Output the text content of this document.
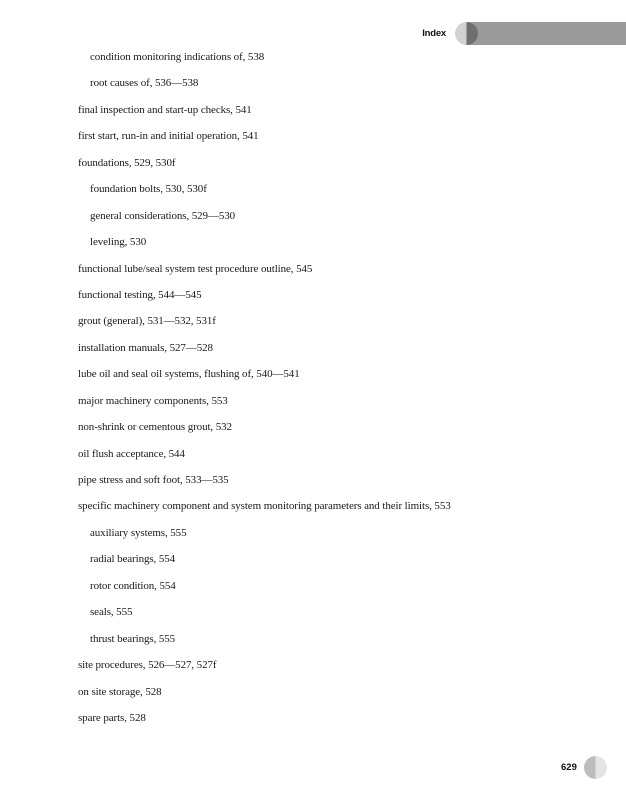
Index
condition monitoring indications of, 538
root causes of, 536—538
final inspection and start-up checks, 541
first start, run-in and initial operation, 541
foundations, 529, 530f
foundation bolts, 530, 530f
general considerations, 529—530
leveling, 530
functional lube/seal system test procedure outline, 545
functional testing, 544—545
grout (general), 531—532, 531f
installation manuals, 527—528
lube oil and seal oil systems, flushing of, 540—541
major machinery components, 553
non-shrink or cementous grout, 532
oil flush acceptance, 544
pipe stress and soft foot, 533—535
specific machinery component and system monitoring parameters and their limits, 553
auxiliary systems, 555
radial bearings, 554
rotor condition, 554
seals, 555
thrust bearings, 555
site procedures, 526—527, 527f
on site storage, 528
spare parts, 528
629
